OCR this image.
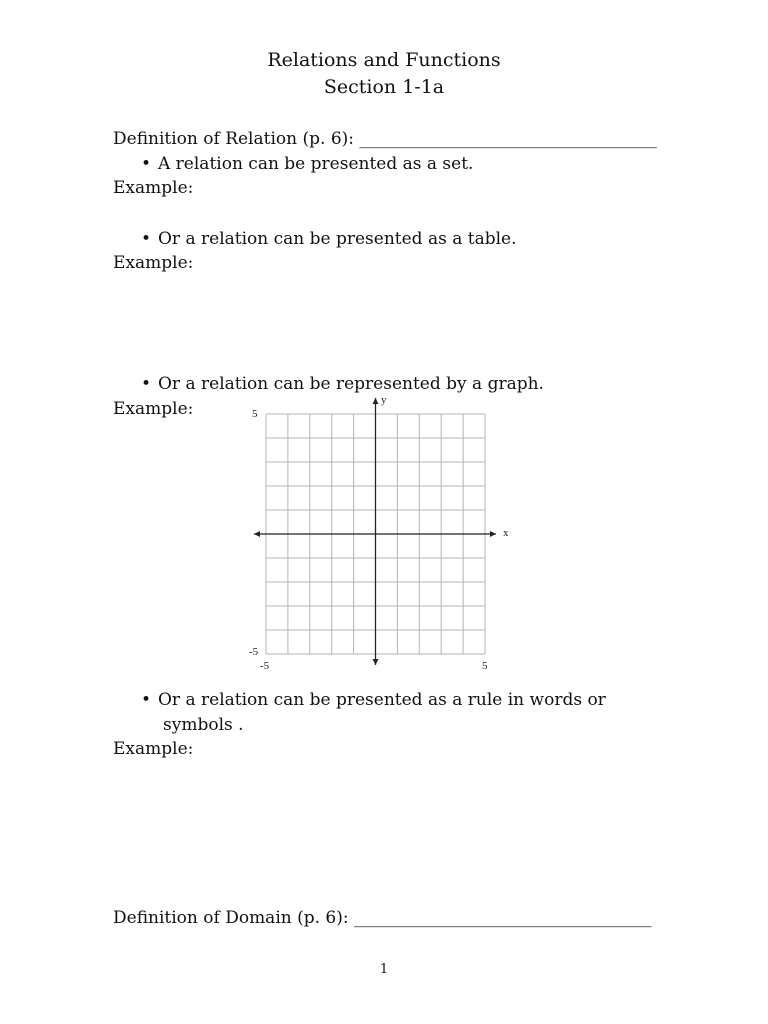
Relations and Functions
Section 1-1a
Definition of Relation (p. 6): ___________________________________
• A relation can be presented as a set.
Example:
• Or a relation can be presented as a table.
Example:
• Or a relation can be represented by a graph.
Example:	y
x
5
-5
-5	5
• Or a relation can be presented as a rule in words or
symbols .
Example:
Definition of Domain (p. 6): ___________________________________
1
